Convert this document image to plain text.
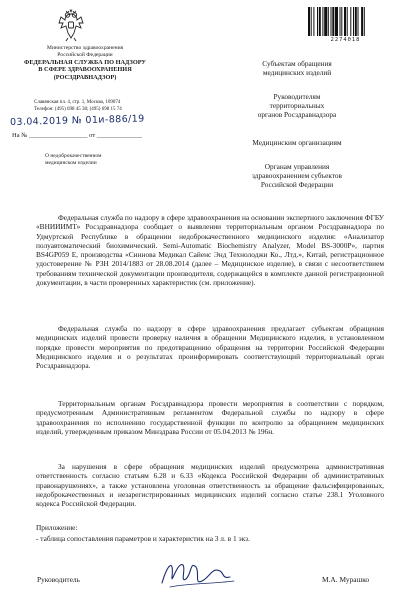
Министерство здравоохранения
Российской Федерации
ФЕДЕРАЛЬНАЯ СЛУЖБА ПО НАДЗОРУ
В СФЕРЕ ЗДРАВООХРАНЕНИЯ
(РОСЗДРАВНАДЗОР)
Славянская пл. 4, стр. 1, Москва, 109074
Телефон: (495) 698 45 38; (495) 698 15 74
03.04.2019 № 01и-886/19
На № __________________ от ______________
О недоброкачественном
медицинском изделии
2274018
Субъектам обращения
медицинских изделий
Руководителям
территориальных
органов Росздравнадзора
Медицинским организациям
Органам управления
здравоохранением субъектов
Российской Федерации
Федеральная служба по надзору в сфере здравоохранения на основании экспертного заключения ФГБУ «ВНИИИМТ» Росздравнадзора сообщает о выявлении территориальным органом Росздравнадзора по Удмуртской Республике в обращении недоброкачественного медицинского изделия: «Анализатор полуавтоматический биохимический. Semi-Automatic Biochemistry Analyzer, Model BS-3000P», партия BS4GP059 E, производства «Синнова Медикал Сайенс Энд Технолоджи Ко., Лтд.», Китай, регистрационное удостоверение № РЗН 2014/1883 от 28.08.2014 (далее – Медицинское изделие), в связи с несоответствием требованиям технической документации производителя, содержащейся в комплекте данной регистрационной документации, в части проверенных характеристик (см. приложение).
Федеральная служба по надзору в сфере здравоохранения предлагает субъектам обращения медицинских изделий провести проверку наличия в обращении Медицинского изделия, в установленном порядке провести мероприятия по предотвращению обращения на территории Российской Федерации Медицинского изделия и о результатах проинформировать соответствующий территориальный орган Росздравнадзора.
Территориальным органам Росздравнадзора провести мероприятия в соответствии с порядком, предусмотренным Административным регламентом Федеральной службы по надзору в сфере здравоохранения по исполнению государственной функции по контролю за обращением медицинских изделий, утвержденным приказом Минздрава России от 05.04.2013 № 196н.
За нарушения в сфере обращения медицинских изделий предусмотрена административная ответственность согласно статьям 6.28 и 6.33 «Кодекса Российской Федерации об административных правонарушениях», а также установлена уголовная ответственность за обращение фальсифицированных, недоброкачественных и незарегистрированных медицинских изделий согласно статье 238.1 Уголовного кодекса Российской Федерации.
Приложение:
- таблица сопоставления параметров и характеристик на 3 л. в 1 экз.
Руководитель	М.А. Мурашко
